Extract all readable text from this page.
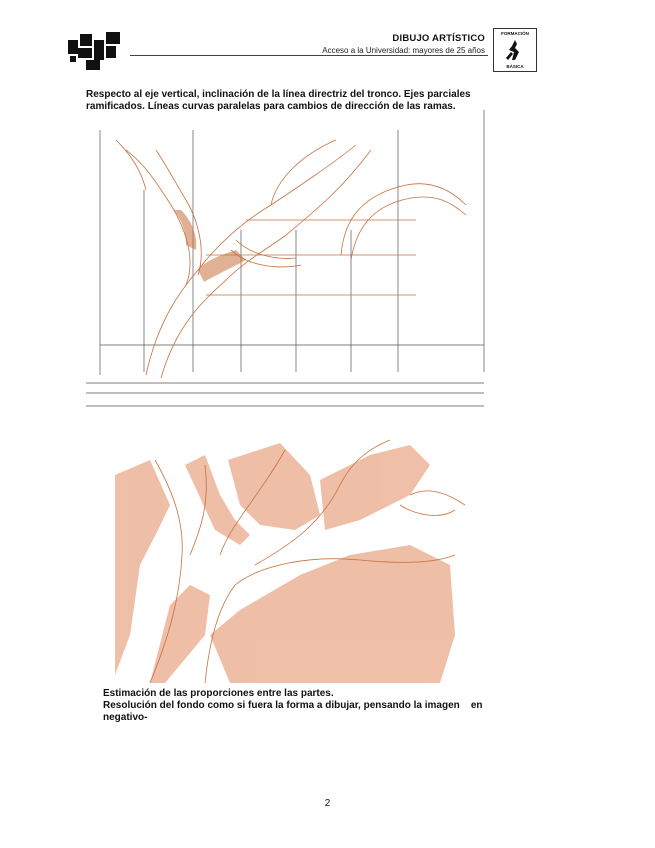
DIBUJO ARTÍSTICO
Acceso a la Universidad: mayores de 25 años
FORMACIÓN
BÁSICA
Respecto al eje vertical, inclinación de la línea directriz del tronco. Ejes parciales
ramificados. Líneas curvas paralelas para cambios de dirección de las ramas.
Estimación de las proporciones entre las partes.
Resolución del fondo como si fuera la forma a dibujar, pensando la imagen    en
negativo-
2
